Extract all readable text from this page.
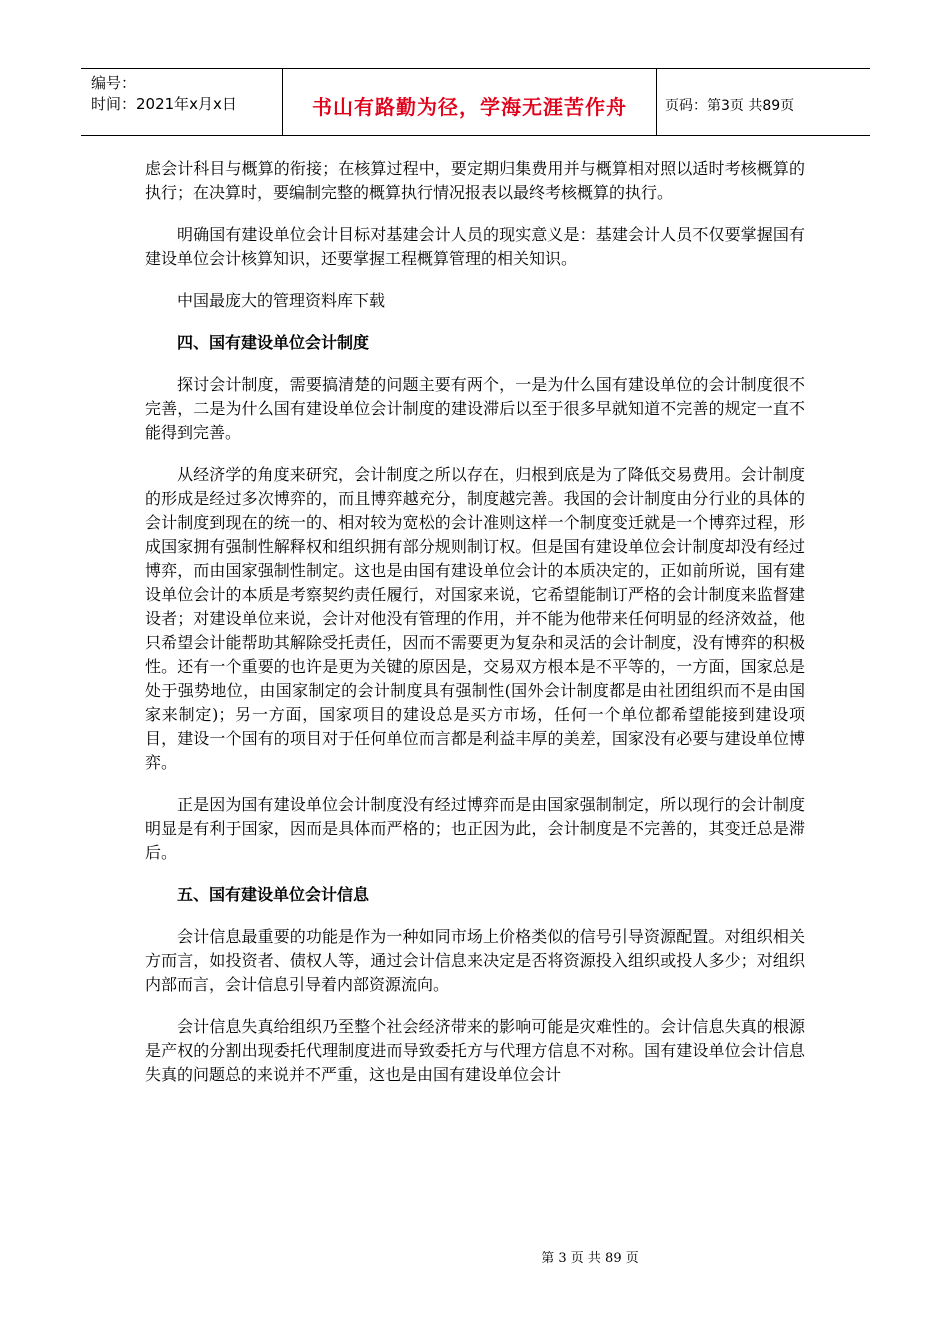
编号：
时间：2021年x月x日	书山有路勤为径，学海无涯苦作舟	页码：第3页 共89页

虑会计科目与概算的衔接；在核算过程中，要定期归集费用并与概算相对照以适时考核概算的执行；在决算时，要编制完整的概算执行情况报表以最终考核概算的执行。

明确国有建设单位会计目标对基建会计人员的现实意义是：基建会计人员不仅要掌握国有建设单位会计核算知识，还要掌握工程概算管理的相关知识。

中国最庞大的管理资料库下载

四、国有建设单位会计制度

探讨会计制度，需要搞清楚的问题主要有两个，一是为什么国有建设单位的会计制度很不完善，二是为什么国有建设单位会计制度的建设滞后以至于很多早就知道不完善的规定一直不能得到完善。

从经济学的角度来研究，会计制度之所以存在，归根到底是为了降低交易费用。会计制度的形成是经过多次博弈的，而且博弈越充分，制度越完善。我国的会计制度由分行业的具体的会计制度到现在的统一的、相对较为宽松的会计准则这样一个制度变迁就是一个博弈过程，形成国家拥有强制性解释权和组织拥有部分规则制订权。但是国有建设单位会计制度却没有经过博弈，而由国家强制性制定。这也是由国有建设单位会计的本质决定的，正如前所说，国有建设单位会计的本质是考察契约责任履行，对国家来说，它希望能制订严格的会计制度来监督建设者；对建设单位来说，会计对他没有管理的作用，并不能为他带来任何明显的经济效益，他只希望会计能帮助其解除受托责任，因而不需要更为复杂和灵活的会计制度，没有博弈的积极性。还有一个重要的也许是更为关键的原因是，交易双方根本是不平等的，一方面，国家总是处于强势地位，由国家制定的会计制度具有强制性(国外会计制度都是由社团组织而不是由国家来制定)；另一方面，国家项目的建设总是买方市场，任何一个单位都希望能接到建设项目，建设一个国有的项目对于任何单位而言都是利益丰厚的美差，国家没有必要与建设单位博弈。

正是因为国有建设单位会计制度没有经过博弈而是由国家强制制定，所以现行的会计制度明显是有利于国家，因而是具体而严格的；也正因为此，会计制度是不完善的，其变迁总是滞后。

五、国有建设单位会计信息

会计信息最重要的功能是作为一种如同市场上价格类似的信号引导资源配置。对组织相关方而言，如投资者、债权人等，通过会计信息来决定是否将资源投入组织或投人多少；对组织内部而言，会计信息引导着内部资源流向。

会计信息失真给组织乃至整个社会经济带来的影响可能是灾难性的。会计信息失真的根源是产权的分割出现委托代理制度进而导致委托方与代理方信息不对称。国有建设单位会计信息失真的问题总的来说并不严重，这也是由国有建设单位会计

第 3 页 共 89 页
